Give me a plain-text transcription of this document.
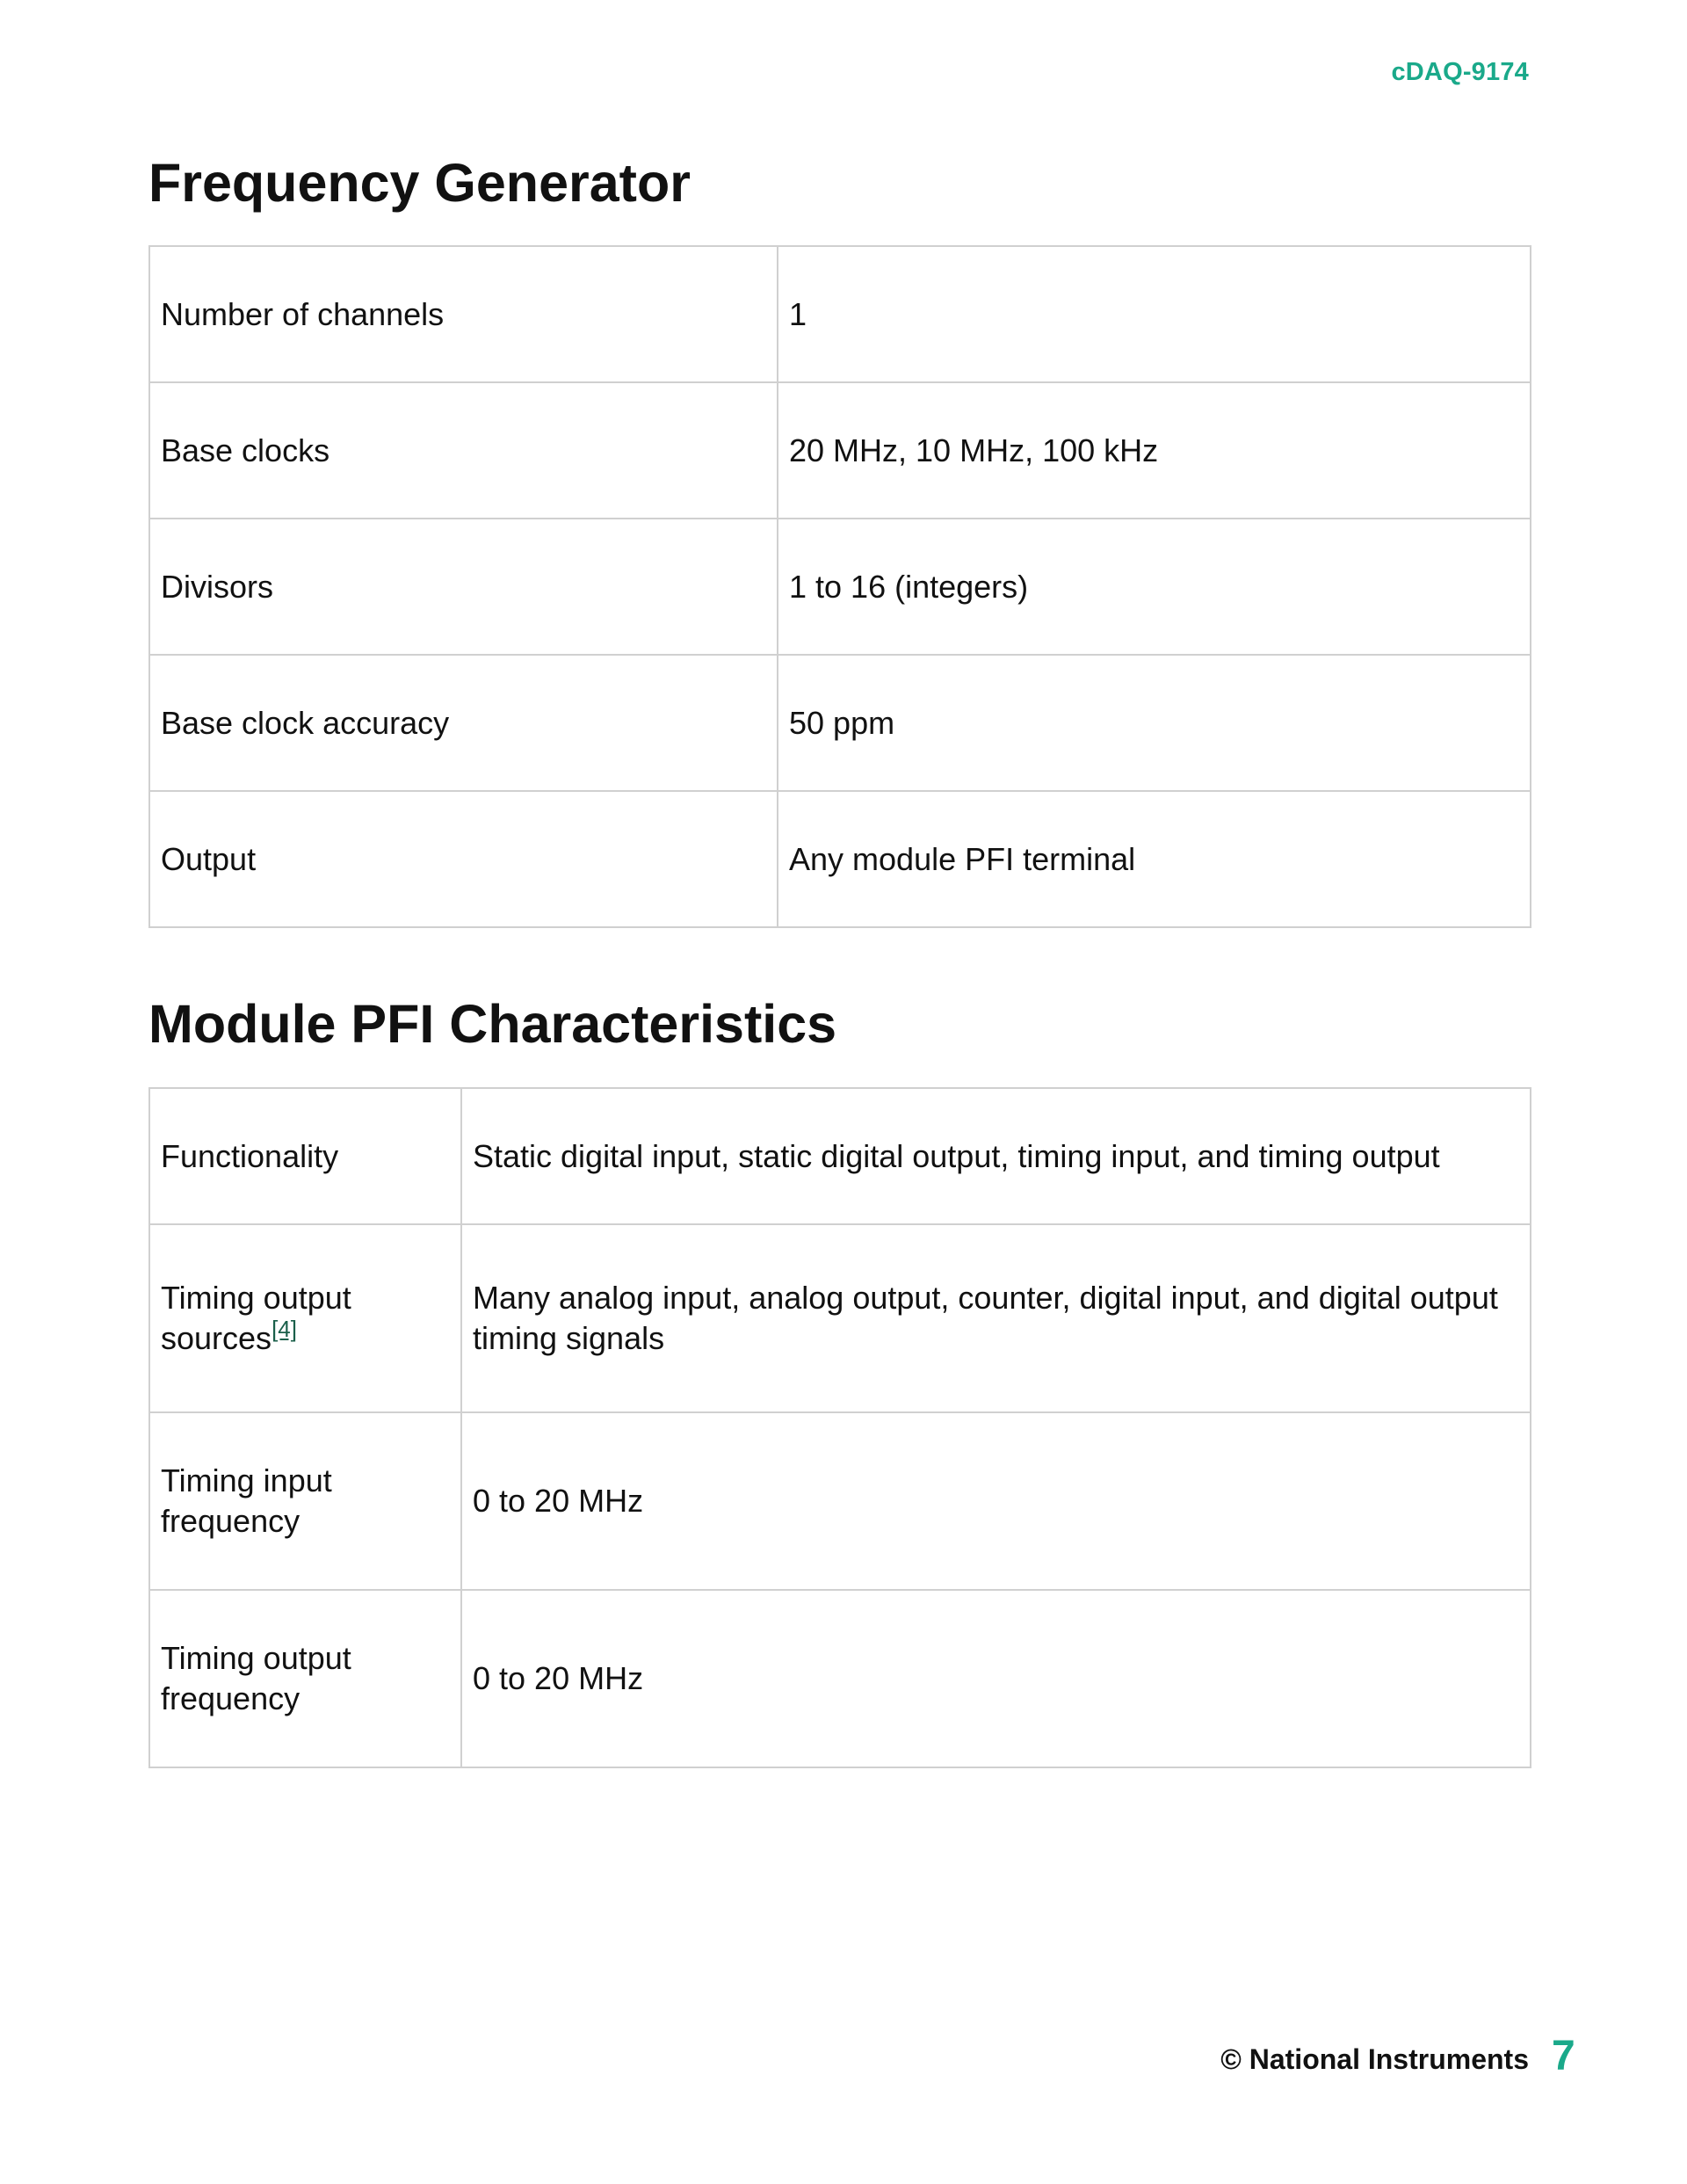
cDAQ-9174
Frequency Generator
Number of channels	1
Base clocks	20 MHz, 10 MHz, 100 kHz
Divisors	1 to 16 (integers)
Base clock accuracy	50 ppm
Output	Any module PFI terminal
Module PFI Characteristics
Functionality	Static digital input, static digital output, timing input, and timing output
Timing output sources[4]	Many analog input, analog output, counter, digital input, and digital output timing signals
Timing input frequency	0 to 20 MHz
Timing output frequency	0 to 20 MHz
© National Instruments 7
